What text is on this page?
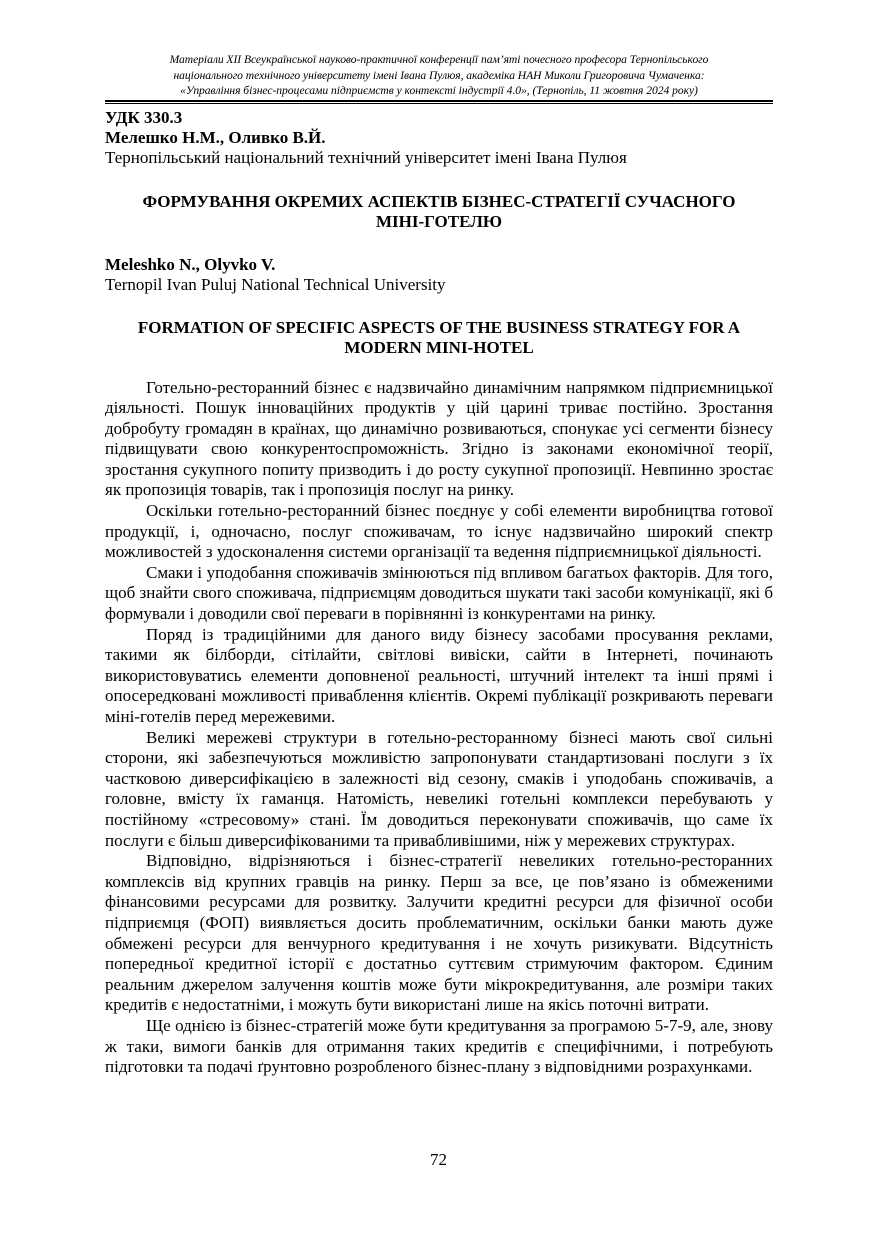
Матеріали XII Всеукраїнської науково-практичної конференції пам’яті почесного професора Тернопільського
національного технічного університету імені Івана Пулюя, академіка НАН Миколи Григоровича Чумаченка:
«Управління бізнес-процесами підприємств у контексті індустрії 4.0», (Тернопіль, 11 жовтня 2024 року)
УДК 330.3
Мелешко Н.М., Оливко В.Й.
Тернопільський національний технічний університет імені Івана Пулюя
ФОРМУВАННЯ ОКРЕМИХ АСПЕКТІВ БІЗНЕС-СТРАТЕГІЇ СУЧАСНОГО МІНІ-ГОТЕЛЮ
Meleshko N., Olyvko V.
Ternopil Ivan Puluj National Technical University
FORMATION OF SPECIFIC ASPECTS OF THE BUSINESS STRATEGY FOR A MODERN MINI-HOTEL

Готельно-ресторанний бізнес є надзвичайно динамічним напрямком підприємницької діяльності. Пошук інноваційних продуктів у цій царині триває постійно. Зростання добробуту громадян в країнах, що динамічно розвиваються, спонукає усі сегменти бізнесу підвищувати свою конкурентоспроможність. Згідно із законами економічної теорії, зростання сукупного попиту призводить і до росту сукупної пропозиції. Невпинно зростає як пропозиція товарів, так і пропозиція послуг на ринку.

Оскільки готельно-ресторанний бізнес поєднує у собі елементи виробництва готової продукції, і, одночасно, послуг споживачам, то існує надзвичайно широкий спектр можливостей з удосконалення системи організації та ведення підприємницької діяльності.

Смаки і уподобання споживачів змінюються під впливом багатьох факторів. Для того, щоб знайти свого споживача, підприємцям доводиться шукати такі засоби комунікації, які б формували і доводили свої переваги в порівнянні із конкурентами на ринку.

Поряд із традиційними для даного виду бізнесу засобами просування реклами, такими як білборди, сітілайти, світлові вивіски, сайти в Інтернеті, починають використовуватись елементи доповненої реальності, штучний інтелект та інші прямі і опосередковані можливості приваблення клієнтів. Окремі публікації розкривають переваги міні-готелів перед мережевими.

Великі мережеві структури в готельно-ресторанному бізнесі мають свої сильні сторони, які забезпечуються можливістю запропонувати стандартизовані послуги з їх частковою диверсифікацією в залежності від сезону, смаків і уподобань споживачів, а головне, вмісту їх гаманця. Натомість, невеликі готельні комплекси перебувають у постійному «стресовому» стані. Їм доводиться переконувати споживачів, що саме їх послуги є більш диверсифікованими та привабливішими, ніж у мережевих структурах.

Відповідно, відрізняються і бізнес-стратегії невеликих готельно-ресторанних комплексів від крупних гравців на ринку. Перш за все, це пов’язано із обмеженими фінансовими ресурсами для розвитку. Залучити кредитні ресурси для фізичної особи підприємця (ФОП) виявляється досить проблематичним, оскільки банки мають дуже обмежені ресурси для венчурного кредитування і не хочуть ризикувати. Відсутність попередньої кредитної історії є достатньо суттєвим стримуючим фактором. Єдиним реальним джерелом залучення коштів може бути мікрокредитування, але розміри таких кредитів є недостатніми, і можуть бути використані лише на якісь поточні витрати.

Ще однією із бізнес-стратегій може бути кредитування за програмою 5-7-9, але, знову ж таки, вимоги банків для отримання таких кредитів є специфічними, і потребують підготовки та подачі ґрунтовно розробленого бізнес-плану з відповідними розрахунками.

72
